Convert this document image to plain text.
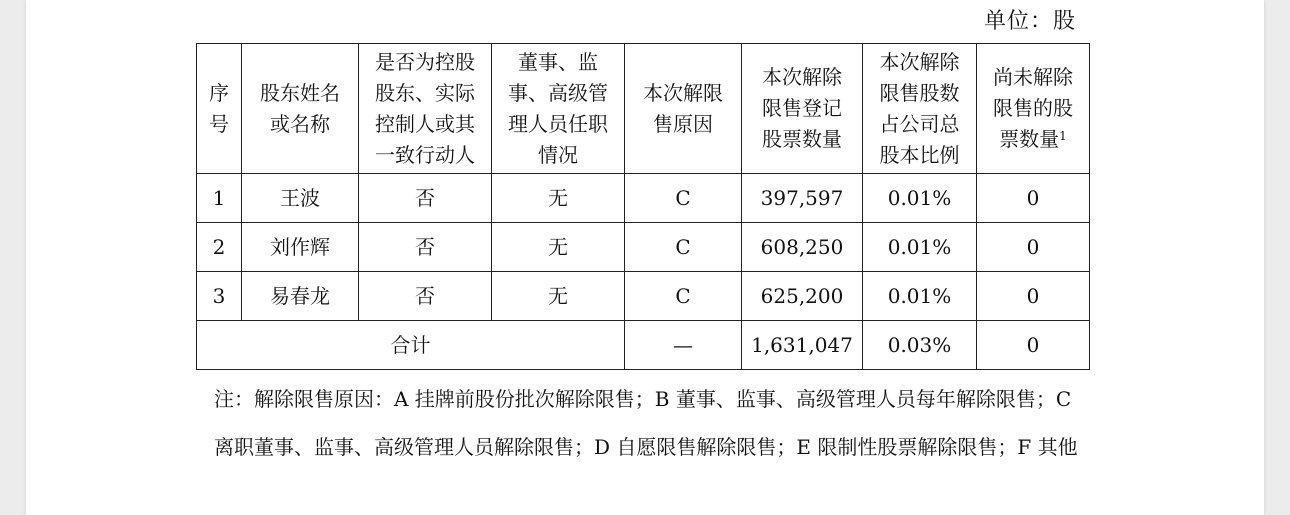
单位：股
序号	股东姓名或名称	是否为控股股东、实际控制人或其一致行动人	董事、监事、高级管理人员任职情况	本次解限售原因	本次解除限售登记股票数量	本次解除限售股数占公司总股本比例	尚未解除限售的股票数量$^1$
1	王波	否	无	C	397,597	0.01%	0
2	刘作辉	否	无	C	608,250	0.01%	0
3	易春龙	否	无	C	625,200	0.01%	0
合计				—	1,631,047	0.03%	0
注：解除限售原因：A 挂牌前股份批次解除限售；B 董事、监事、高级管理人员每年解除限售；C 离职董事、监事、高级管理人员解除限售；D 自愿限售解除限售；E 限制性股票解除限售；F 其他
